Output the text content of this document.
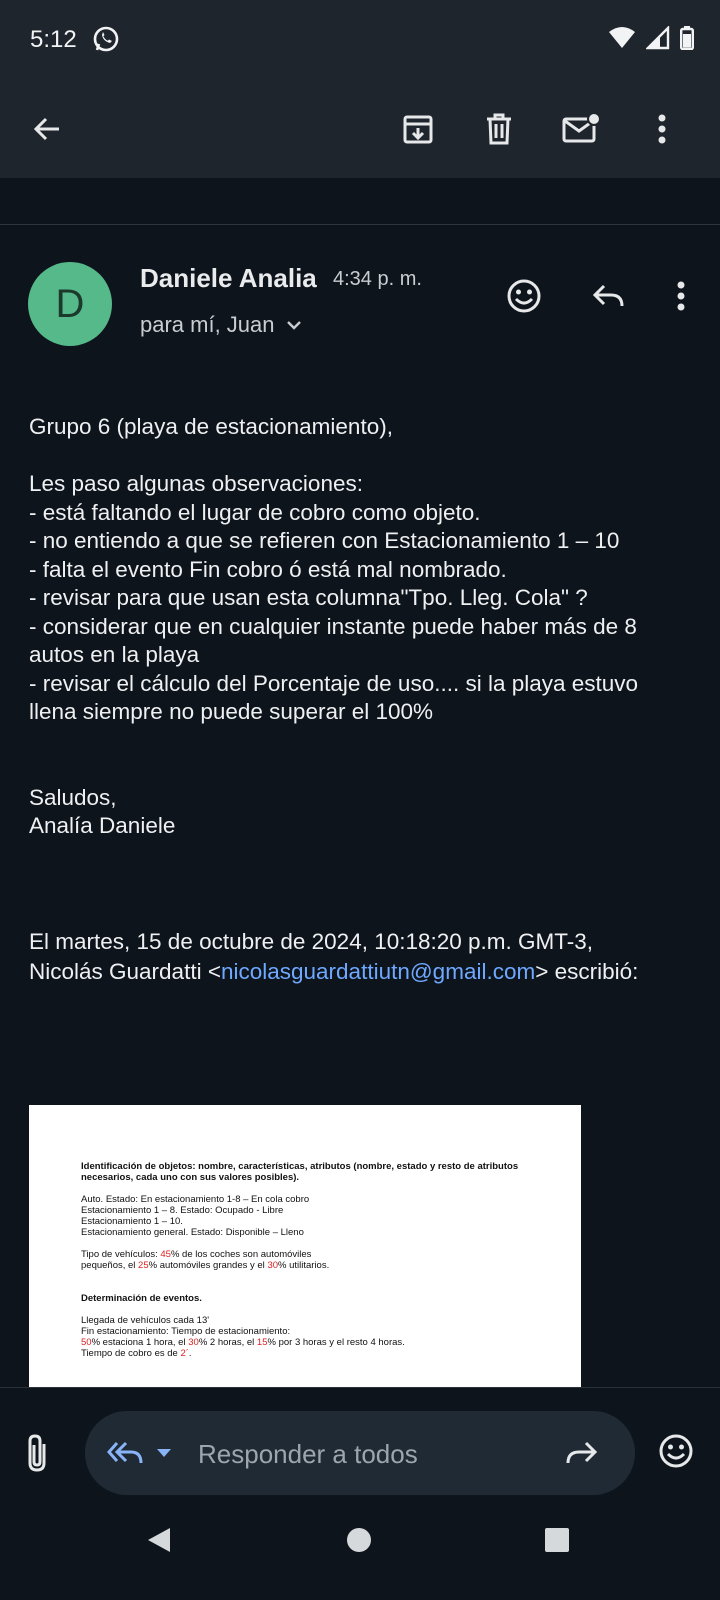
5:12
D
Daniele Analia 4:34 p. m.
para mí, Juan
Grupo 6 (playa de estacionamiento),
Les paso algunas observaciones:
- está faltando el lugar de cobro como objeto.
- no entiendo a que se refieren con Estacionamiento 1 – 10
- falta el evento Fin cobro ó está mal nombrado.
- revisar para que usan esta columna"Tpo. Lleg. Cola" ?
- considerar que en cualquier instante puede haber más de 8
autos en la playa
- revisar el cálculo del Porcentaje de uso.... si la playa estuvo
llena siempre no puede superar el 100%
Saludos,
Analía Daniele
El martes, 15 de octubre de 2024, 10:18:20 p.m. GMT-3,
Nicolás Guardatti <nicolasguardattiutn@gmail.com> escribió:
Identificación de objetos: nombre, características, atributos (nombre, estado y resto de atributos necesarios, cada uno con sus valores posibles).
Auto. Estado: En estacionamiento 1-8 – En cola cobro
Estacionamiento 1 – 8. Estado: Ocupado - Libre
Estacionamiento 1 – 10.
Estacionamiento general. Estado: Disponible – Lleno
Tipo de vehículos: 45% de los coches son automóviles
pequeños, el 25% automóviles grandes y el 30% utilitarios.
Determinación de eventos.
Llegada de vehículos cada 13'
Fin estacionamiento: Tiempo de estacionamiento:
50% estaciona 1 hora, el 30% 2 horas, el 15% por 3 horas y el resto 4 horas.
Tiempo de cobro es de 2´.
Responder a todos
